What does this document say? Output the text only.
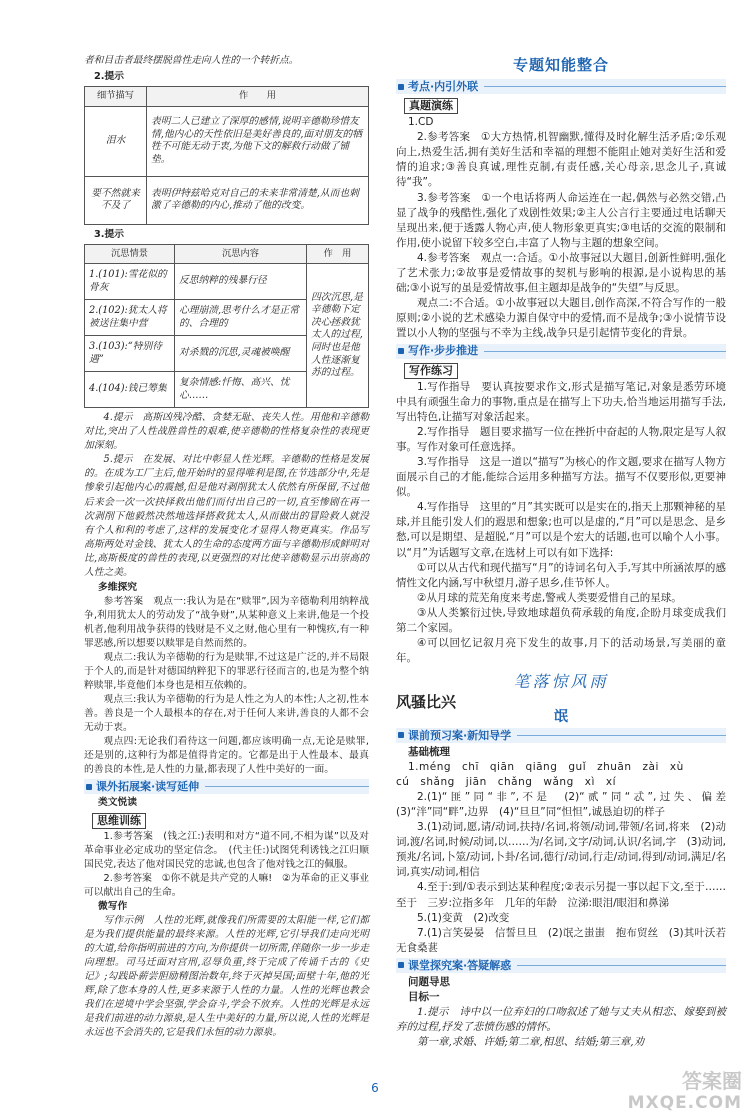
者和目击者最终摆脱兽性走向人性的一个转折点。

2.提示

细节描写	作　　用
泪水	表明二人已建立了深厚的感情,说明辛德勒珍惜友情,他内心的天性依旧是美好善良的,面对朋友的牺牲不可能无动于衷,为他下文的解救行动做了铺垫。
要不然就来不及了	表明伊特兹哈克对自己的未来非常清楚,从而也刺激了辛德勒的内心,推动了他的改变。

3.提示

沉思情景	沉思内容	作　用
1.(101):雪花似的骨灰	反思纳粹的残暴行径	四次沉思,是辛德勒下定决心拯救犹太人的过程,同时也是他人性逐渐复苏的过程。
2.(102):犹太人将被送往集中营	心理崩溃,思考什么才是正常的、合理的	
3.(103):“特别待遇”	对杀戮的沉思,灵魂被唤醒	
4.(104):钱已筹集	复杂情感:忏悔、高兴、忧心……	

4.提示　高斯凶残冷酷、贪婪无耻、丧失人性。用他和辛德勒对比,突出了人性战胜兽性的艰难,使辛德勒的性格复杂性的表现更加深刻。

5.提示　在发展、对比中彰显人性光辉。辛德勒的性格是发展的。在成为工厂主后,他开始时的显得唯利是图,在节选部分中,先是惨象引起他内心的震撼,但是他对剥削犹太人依然有所保留,不过他后来会一次一次抉择救出他们而付出自己的一切,直至惨剧在再一次剥削下他毅然决然地选择搭救犹太人,从而做出的冒险救人就没有个人和利的考虑了,这样的发展变化才显得人物更真实。作品写高斯两处对金钱、犹太人的生命的态度两方面与辛德勒形成鲜明对比,高斯极度的兽性的表现,以更强烈的对比使辛德勒显示出崇高的人性之美。

多维探究

参考答案　观点一:我认为是在“赎罪”,因为辛德勒利用纳粹战争,利用犹太人的劳动发了“战争财”,从某种意义上来讲,他是一个投机者,他利用战争获得的钱财是不义之财,他心里有一种愧疚,有一种罪恶感,所以想要以赎罪是自然而然的。

观点二:我认为辛德勒的行为是赎罪,不过这是广泛的,并不局限于个人的,而是针对德国纳粹犯下的罪恶行径而言的,也是为整个纳粹赎罪,毕竟他们本身也是相互依赖的。

观点三:我认为辛德勒的行为是人性之为人的本性;人之初,性本善。善良是一个人最根本的存在,对于任何人来讲,善良的人都不会无动于衷。

观点四:无论我们看待这一问题,都应该明确一点,无论是赎罪,还是别的,这种行为都是值得肯定的。它都是出于人性最本、最真的善良的本性,是人性的力量,都表现了人性中美好的一面。

课外拓展案·读写延伸

类文悦读

思维训练

1.参考答案　(钱之江:)表明和对方“道不同,不相为谋”以及对革命事业必定成功的坚定信念。　(代主任:)试图凭利诱钱之江归顺国民党,表达了他对国民党的忠诚,也包含了他对钱之江的佩服。

2.参考答案　①你不就是共产党的人嘛!　②为革命的正义事业可以献出自己的生命。

微写作

写作示例　人性的光辉,就像我们所需要的太阳能一样,它们都是为我们提供能量的最终来源。人性的光辉,它引导我们走向光明的大道,给你指明前进的方向,为你提供一切所需,伴随你一步一步走向理想。司马迁面对宫刑,忍辱负重,终于完成了传诵千古的《史记》;勾践卧薪尝胆励精图治数年,终于灭掉吴国;面壁十年,他的光辉,除了您本身的人性,更多来源于人性的力量。人性的光辉也教会我们在逆境中学会坚强,学会奋斗,学会不放弃。人性的光辉是永远是我们前进的动力源泉,是人生中美好的力量,所以说,人性的光辉是永远也不会消失的,它是我们永恒的动力源泉。

专题知能整合
考点·内引外联
真题演练

1.CD

2.参考答案　①大方热情,机智幽默,懂得及时化解生活矛盾;②乐观向上,热爱生活,拥有美好生活和幸福的理想不能阻止她对美好生活和爱情的追求;③善良真诚,理性克制,有责任感,关心母亲,思念儿子,真诚待“我”。

3.参考答案　①一个电话将两人命运连在一起,偶然与必然交错,凸显了战争的残酷性,强化了戏剧性效果;②主人公言行主要通过电话聊天呈现出来,便于透露人物心声,使人物形象更真实;③电话的交流的限制和作用,使小说留下较多空白,丰富了人物与主题的想象空间。

4.参考答案　观点一:合适。①小故事冠以大题目,创新性鲜明,强化了艺术张力;②故事是爱情故事的契机与影响的根源,是小说构思的基础;③小说写的虽是爱情故事,但主题却是战争的“失望”与反思。

观点二:不合适。①小故事冠以大题目,创作高深,不符合写作的一般原则;②小说的艺术感染力源自保守中的爱情,而不是战争;③小说情节设置以小人物的坚强与不幸为主线,战争只是引起情节变化的背景。

写作·步步推进
写作练习

1.写作指导　要认真按要求作文,形式是描写笔记,对象是悉劳环境中具有顽强生命力的事物,重点是在描写上下功夫,恰当地运用描写手法,写出特色,让描写对象活起来。

2.写作指导　题目要求描写一位在挫折中奋起的人物,限定是写人叙事。写作对象可任意选择。

3.写作指导　这是一道以“描写”为核心的作文题,要求在描写人物方面展示自己的才能,能综合运用多种描写方法。描写不仅要形似,更要神似。

4.写作指导　这里的“月”其实既可以是实在的,指天上那颗神秘的星球,并且能引发人们的遐思和想象;也可以是虚的,“月”可以是思念、是乡愁,可以是期望、是超脱,“月”可以是个宏大的话题,也可以喻个人小事。以“月”为话题写文章,在选材上可以有如下选择:

①可以从古代和现代描写“月”的诗词名句入手,写其中所涵浓厚的感情性文化内涵,写中秋望月,游子思乡,佳节怀人。

②从月球的荒芜角度来考虑,警戒人类要爱惜自己的星球。

③从人类繁衍过快,导致地球超负荷承载的角度,企盼月球变成我们第二个家园。

④可以回忆记叙月亮下发生的故事,月下的活动场景,写美丽的童年。

笔落惊风雨
风骚比兴
氓
课前预习案·新知导学

基础梳理

1.méng　chī　qiān　qiāng　guǐ　zhuān　zài　xù

cú　shǎng　jiān　chǎng　wǎng　xì　xí

2.(1)“匪”同“非”,不是　(2)“贰”同“忒”,过失、偏差　(3)“泮”同“畔”,边界　(4)“旦旦”同“怛怛”,诚恳迫切的样子

3.(1)动词,愿,请/动词,扶持/名词,将领/动词,带领/名词,将来　(2)动词,渡/名词,时候/动词,以……为/名词,文字/动词,认识/名词,字　(3)动词,预兆/名词,卜筮/动词,卜卦/名词,德行/动词,行走/动词,得到/动词,满足/名词,真实/动词,相信

4.至于:到/①表示到达某种程度;②表示另提一事以起下文,至于……至于　三岁:泣指多年　几年的年龄　泣涕:眼泪/眼泪和鼻涕

5.(1)变黄　(2)改变

7.(1)言笑晏晏　信誓旦旦　(2)氓之蚩蚩　抱布贸丝　(3)其叶沃若　无食桑葚

课堂探究案·答疑解惑

问题导思

目标一

1.提示　诗中以一位弃妇的口吻叙述了她与丈夫从相恋、嫁娶到被弃的过程,抒发了悲愤伤感的情怀。

第一章,求婚、许婚;第二章,相思、结婚;第三章,劝

6	答案圈
MXQE.COM
